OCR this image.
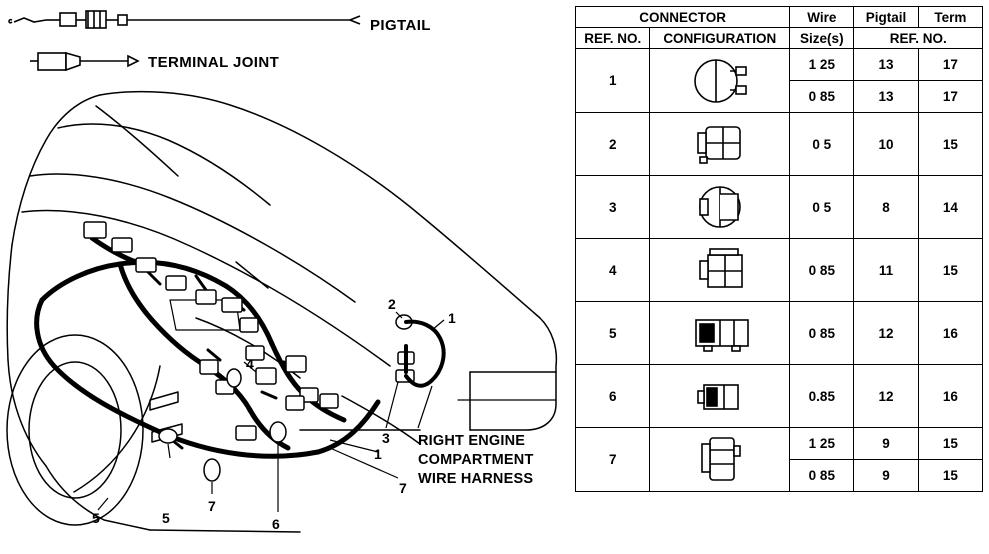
PIGTAIL
TERMINAL JOINT
2
1
4
3
1
7
5	5
7
6
RIGHT ENGINE COMPARTMENT WIRE HARNESS
CONNECTOR		Wire	Pigtail	Term
REF. NO.	CONFIGURATION	Size(s)	REF. NO.	
1		1 25	13	17
		0 85	13	17
2		0 5	10	15
3		0 5	8	14
4		0 85	11	15
5		0 85	12	16
6		0.85	12	16
7		1 25	9	15
		0 85	9	15
